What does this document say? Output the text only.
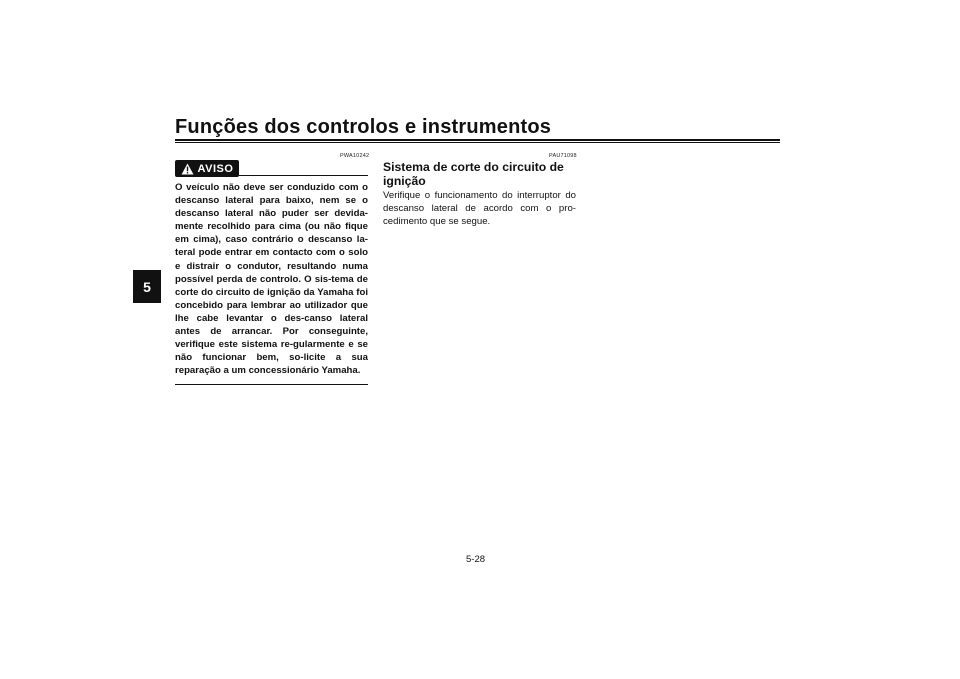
Funções dos controlos e instrumentos
5
PWA10242
AVISO

O veículo não deve ser conduzido com o descanso lateral para baixo, nem se o descanso lateral não puder ser devida-mente recolhido para cima (ou não fique em cima), caso contrário o descanso la-teral pode entrar em contacto com o solo e distrair o condutor, resultando numa possível perda de controlo. O sis-tema de corte do circuito de ignição da Yamaha foi concebido para lembrar ao utilizador que lhe cabe levantar o des-canso lateral antes de arrancar. Por conseguinte, verifique este sistema re-gularmente e se não funcionar bem, so-licite a sua reparação a um concessionário Yamaha.

PAU71098
Sistema de corte do circuito de ignição

Verifique o funcionamento do interruptor do descanso lateral de acordo com o pro-cedimento que se segue.

5-28
